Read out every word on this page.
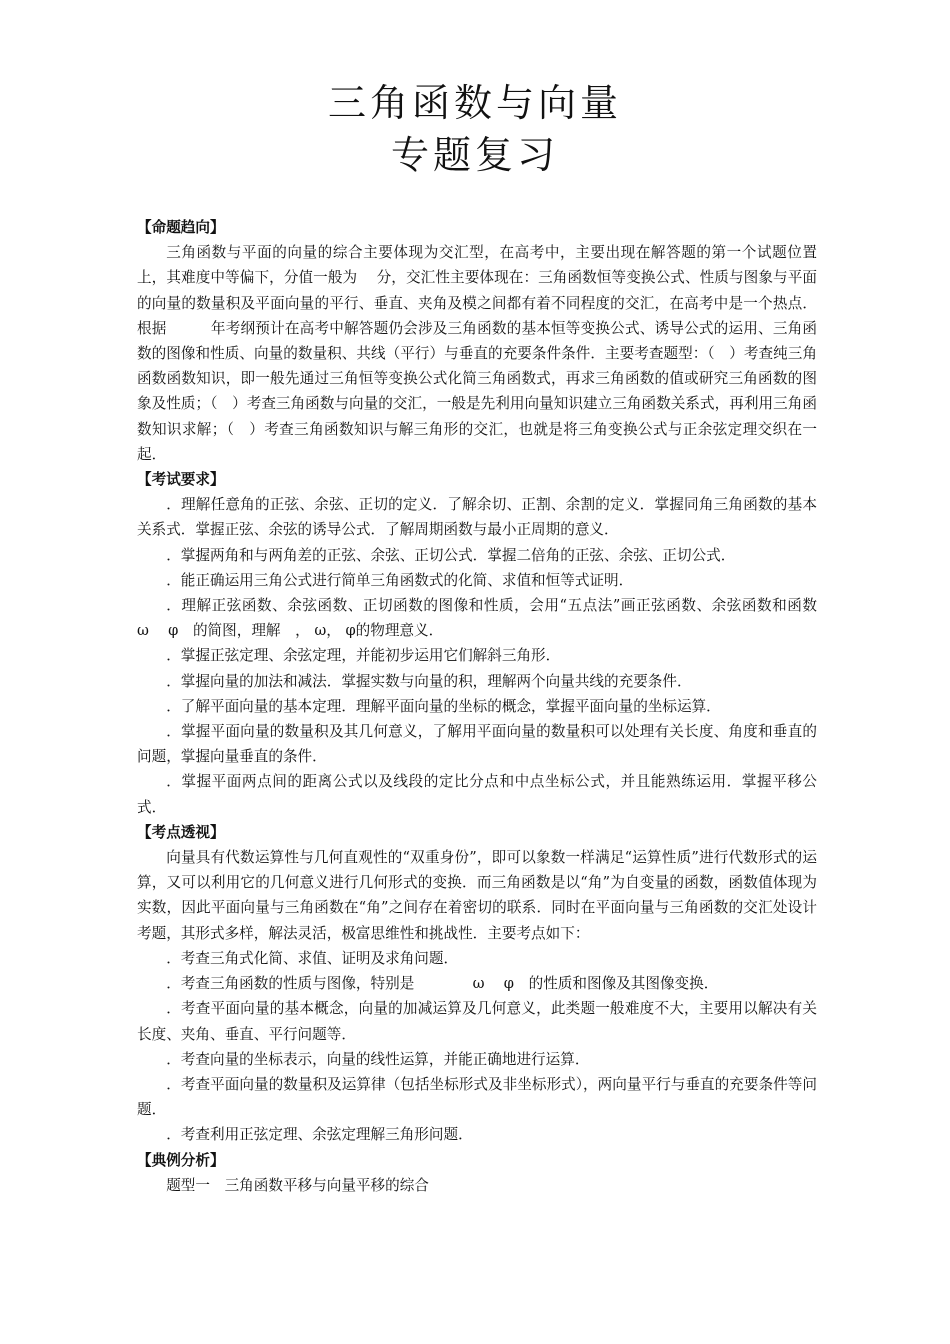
三角函数与向量
专题复习

【命题趋向】

三角函数与平面的向量的综合主要体现为交汇型，在高考中，主要出现在解答题的第一个试题位置上，其难度中等偏下，分值一般为　 分，交汇性主要体现在：三角函数恒等变换公式、性质与图象与平面的向量的数量积及平面向量的平行、垂直、夹角及模之间都有着不同程度的交汇，在高考中是一个热点．根据　　　年考纲预计在高考中解答题仍会涉及三角函数的基本恒等变换公式、诱导公式的运用、三角函数的图像和性质、向量的数量积、共线（平行）与垂直的充要条件条件．主要考查题型：（　）考查纯三角函数函数知识，即一般先通过三角恒等变换公式化简三角函数式，再求三角函数的值或研究三角函数的图象及性质；（　）考查三角函数与向量的交汇，一般是先利用向量知识建立三角函数关系式，再利用三角函数知识求解；（　）考查三角函数知识与解三角形的交汇，也就是将三角变换公式与正余弦定理交织在一起．

【考试要求】

．理解任意角的正弦、余弦、正切的定义．了解余切、正割、余割的定义．掌握同角三角函数的基本关系式．掌握正弦、余弦的诱导公式．了解周期函数与最小正周期的意义．

．掌握两角和与两角差的正弦、余弦、正切公式．掌握二倍角的正弦、余弦、正切公式．

．能正确运用三角公式进行简单三角函数式的化简、求值和恒等式证明．

．理解正弦函数、余弦函数、正切函数的图像和性质，会用“五点法”画正弦函数、余弦函数和函数　　　　ω　 φ　的简图，理解　， ω， φ的物理意义．

．掌握正弦定理、余弦定理，并能初步运用它们解斜三角形．

．掌握向量的加法和减法．掌握实数与向量的积，理解两个向量共线的充要条件．

．了解平面向量的基本定理．理解平面向量的坐标的概念，掌握平面向量的坐标运算．

．掌握平面向量的数量积及其几何意义，了解用平面向量的数量积可以处理有关长度、角度和垂直的问题，掌握向量垂直的条件．

．掌握平面两点间的距离公式以及线段的定比分点和中点坐标公式，并且能熟练运用．掌握平移公式．

【考点透视】

向量具有代数运算性与几何直观性的“双重身份”，即可以象数一样满足“运算性质”进行代数形式的运算，又可以利用它的几何意义进行几何形式的变换．而三角函数是以“角”为自变量的函数，函数值体现为实数，因此平面向量与三角函数在“角”之间存在着密切的联系．同时在平面向量与三角函数的交汇处设计考题，其形式多样，解法灵活，极富思维性和挑战性．主要考点如下：

．考查三角式化简、求值、证明及求角问题．

．考查三角函数的性质与图像，特别是　　　　ω　 φ　的性质和图像及其图像变换．

．考查平面向量的基本概念，向量的加减运算及几何意义，此类题一般难度不大，主要用以解决有关长度、夹角、垂直、平行问题等．

．考查向量的坐标表示，向量的线性运算，并能正确地进行运算．

．考查平面向量的数量积及运算律（包括坐标形式及非坐标形式），两向量平行与垂直的充要条件等问题．

．考查利用正弦定理、余弦定理解三角形问题．

【典例分析】

题型一　三角函数平移与向量平移的综合
